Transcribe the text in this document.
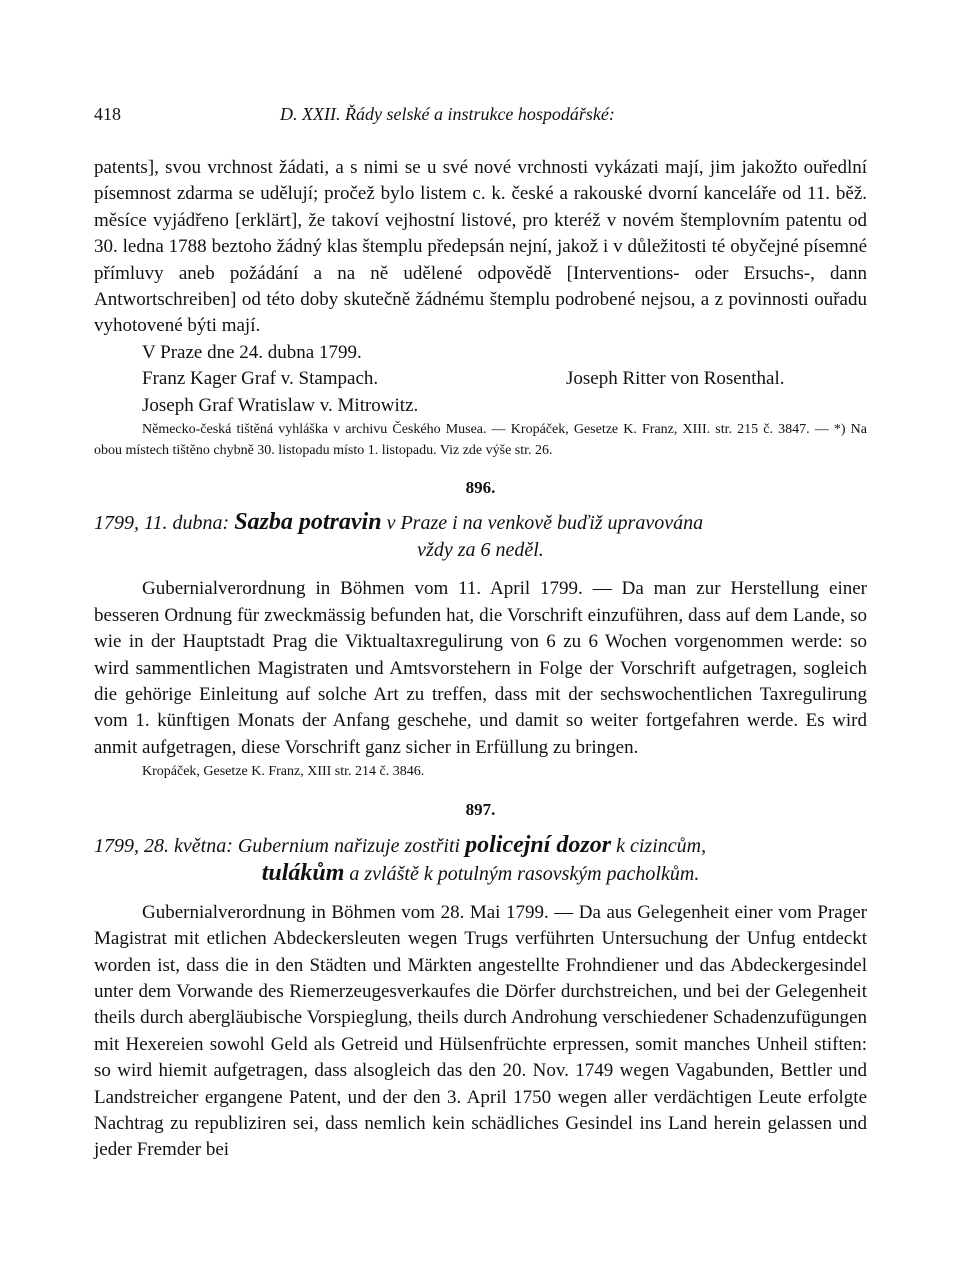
418	D. XXII. Řády selské a instrukce hospodářské:

patents], svou vrchnost žádati, a s nimi se u své nové vrchnosti vykázati mají, jim jakožto ouředlní písemnost zdarma se udělují; pročež bylo listem c. k. české a rakouské dvorní kanceláře od 11. běž. měsíce vyjádřeno [erklärt], že takoví vejhostní listové, pro kteréž v novém štemplovním patentu od 30. ledna 1788 beztoho žádný klas štemplu předepsán nejní, jakož i v důležitosti té obyčejné písemné přímluvy aneb požádání a na ně udělené odpovědě [Interventions- oder Ersuchs-, dann Antwortschreiben] od této doby skutečně žádnému štemplu podrobené nejsou, a z povinnosti ouřadu vyhotovené býti mají.

V Praze dne 24. dubna 1799.

Franz Kager Graf v. Stampach.	Joseph Ritter von Rosenthal.
Joseph Graf Wratislaw v. Mitrowitz.

Německo-česká tištěná vyhláška v archivu Českého Musea. — Kropáček, Gesetze K. Franz, XIII. str. 215 č. 3847. — *) Na obou místech tištěno chybně 30. listopadu místo 1. listopadu. Viz zde výše str. 26.

896.

1799, 11. dubna: Sazba potravin v Praze i na venkově buďiž upravována

vždy za 6 neděl.

Gubernialverordnung in Böhmen vom 11. April 1799. — Da man zur Herstellung einer besseren Ordnung für zweckmässig befunden hat, die Vorschrift einzuführen, dass auf dem Lande, so wie in der Hauptstadt Prag die Viktualtaxregulirung von 6 zu 6 Wochen vorgenommen werde: so wird sammentlichen Magistraten und Amtsvorstehern in Folge der Vorschrift aufgetragen, sogleich die gehörige Einleitung auf solche Art zu treffen, dass mit der sechswochentlichen Taxregulirung vom 1. künftigen Monats der Anfang geschehe, und damit so weiter fortgefahren werde. Es wird anmit aufgetragen, diese Vorschrift ganz sicher in Erfüllung zu bringen.

Kropáček, Gesetze K. Franz, XIII str. 214 č. 3846.

897.

1799, 28. května: Gubernium nařizuje zostřiti policejní dozor k cizincům,

tulákům a zvláště k potulným rasovským pacholkům.

Gubernialverordnung in Böhmen vom 28. Mai 1799. — Da aus Gelegenheit einer vom Prager Magistrat mit etlichen Abdeckersleuten wegen Trugs verführten Untersuchung der Unfug entdeckt worden ist, dass die in den Städten und Märkten angestellte Frohndiener und das Abdeckergesindel unter dem Vorwande des Riemerzeugesverkaufes die Dörfer durchstreichen, und bei der Gelegenheit theils durch abergläubische Vorspieglung, theils durch Androhung verschiedener Schadenzufügungen mit Hexereien sowohl Geld als Getreid und Hülsenfrüchte erpressen, somit manches Unheil stiften: so wird hiemit aufgetragen, dass alsogleich das den 20. Nov. 1749 wegen Vagabunden, Bettler und Landstreicher ergangene Patent, und der den 3. April 1750 wegen aller verdächtigen Leute erfolgte Nachtrag zu republiziren sei, dass nemlich kein schädliches Gesindel ins Land herein gelassen und jeder Fremder bei
